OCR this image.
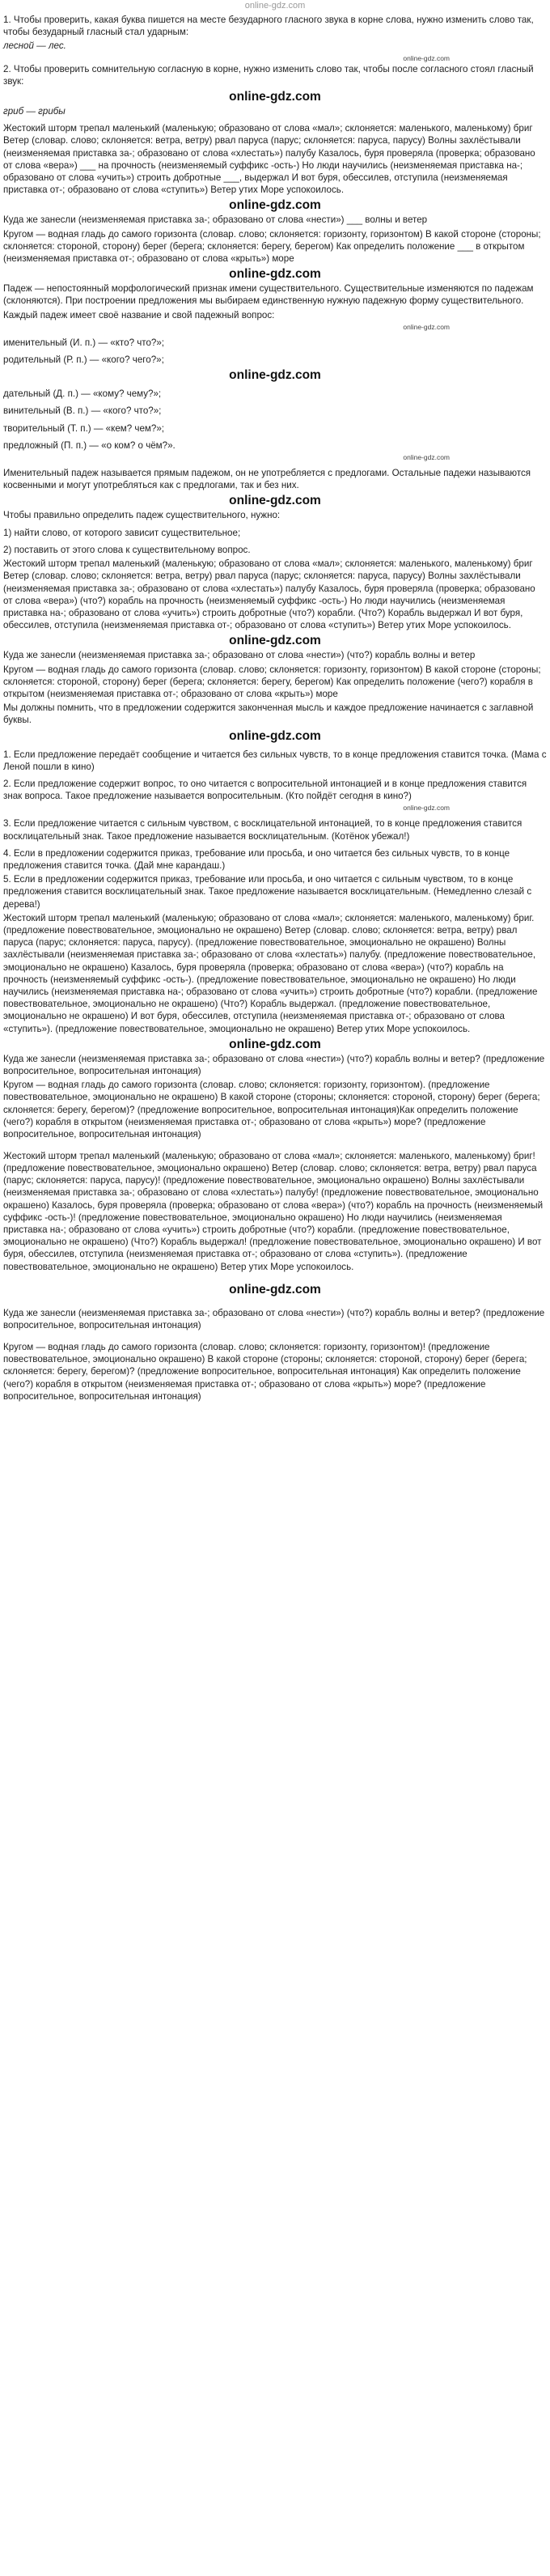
online-gdz.com

1. Чтобы проверить, какая буква пишется на месте безударного гласного звука в корне слова, нужно изменить слово так, чтобы безударный гласный стал ударным:

лесной — лес.

online-gdz.com

2. Чтобы проверить сомнительную согласную в корне, нужно изменить слово так, чтобы после согласного стоял гласный звук:

online-gdz.com

гриб — грибы

Жестокий шторм трепал маленький (маленькую; образовано от слова «мал»; склоняется: маленького, маленькому) бриг Ветер (словар. слово; склоняется: ветра, ветру) рвал паруса (парус; склоняется: паруса, парусу) Волны захлёстывали (неизменяемая приставка за-; образовано от слова «хлестать») палубу Казалось, буря проверяла (проверка; образовано от слова «вера») ___ на прочность (неизменяемый суффикс -ость-) Но люди научились (неизменяемая приставка на-; образовано от слова «учить») строить добротные ___, выдержал И вот буря, обессилев, отступила (неизменяемая приставка от-; образовано от слова «ступить») Ветер утих Море успокоилось.

online-gdz.com

Куда же занесли (неизменяемая приставка за-; образовано от слова «нести») ___ волны и ветер

Кругом — водная гладь до самого горизонта (словар. слово; склоняется: горизонту, горизонтом) В какой стороне (стороны; склоняется: стороной, сторону) берег (берега; склоняется: берегу, берегом) Как определить положение ___ в открытом (неизменяемая приставка от-; образовано от слова «крыть») море

online-gdz.com

Падеж — непостоянный морфологический признак имени существительного. Существительные изменяются по падежам (склоняются). При построении предложения мы выбираем единственную нужную падежную форму существительного.

Каждый падеж имеет своё название и свой падежный вопрос:

online-gdz.com

именительный (И. п.) — «кто? что?»;

родительный (Р. п.) — «кого? чего?»;

online-gdz.com

дательный (Д. п.) — «кому? чему?»;

винительный (В. п.) — «кого? что?»;

творительный (Т. п.) — «кем? чем?»;

предложный (П. п.) — «о ком? о чём?».

online-gdz.com

Именительный падеж называется прямым падежом, он не употребляется с предлогами. Остальные падежи называются косвенными и могут употребляться как с предлогами, так и без них.

online-gdz.com

Чтобы правильно определить падеж существительного, нужно:

1) найти слово, от которого зависит существительное;

2) поставить от этого слова к существительному вопрос.

Жестокий шторм трепал маленький (маленькую; образовано от слова «мал»; склоняется: маленького, маленькому) бриг Ветер (словар. слово; склоняется: ветра, ветру) рвал паруса (парус; склоняется: паруса, парусу) Волны захлёстывали (неизменяемая приставка за-; образовано от слова «хлестать») палубу Казалось, буря проверяла (проверка; образовано от слова «вера») (что?) корабль на прочность (неизменяемый суффикс -ость-) Но люди научились (неизменяемая приставка на-; образовано от слова «учить») строить добротные (что?) корабли. (Что?) Корабль выдержал И вот буря, обессилев, отступила (неизменяемая приставка от-; образовано от слова «ступить») Ветер утих Море успокоилось.

online-gdz.com

Куда же занесли (неизменяемая приставка за-; образовано от слова «нести») (что?) корабль волны и ветер

Кругом — водная гладь до самого горизонта (словар. слово; склоняется: горизонту, горизонтом) В какой стороне (стороны; склоняется: стороной, сторону) берег (берега; склоняется: берегу, берегом) Как определить положение (чего?) корабля в открытом (неизменяемая приставка от-; образовано от слова «крыть») море

Мы должны помнить, что в предложении содержится законченная мысль и каждое предложение начинается с заглавной буквы.

online-gdz.com

1. Если предложение передаёт сообщение и читается без сильных чувств, то в конце предложения ставится точка. (Мама с Леной пошли в кино)

2. Если предложение содержит вопрос, то оно читается с вопросительной интонацией и в конце предложения ставится знак вопроса. Такое предложение называется вопросительным. (Кто пойдёт сегодня в кино?)

online-gdz.com

3. Если предложение читается с сильным чувством, с восклицательной интонацией, то в конце предложения ставится восклицательный знак. Такое предложение называется восклицательным. (Котёнок убежал!)

4. Если в предложении содержится приказ, требование или просьба, и оно читается без сильных чувств, то в конце предложения ставится точка. (Дай мне карандаш.)

5. Если в предложении содержится приказ, требование или просьба, и оно читается с сильным чувством, то в конце предложения ставится восклицательный знак. Такое предложение называется восклицательным. (Немедленно слезай с дерева!)

Жестокий шторм трепал маленький (маленькую; образовано от слова «мал»; склоняется: маленького, маленькому) бриг. (предложение повествовательное, эмоционально не окрашено) Ветер (словар. слово; склоняется: ветра, ветру) рвал паруса (парус; склоняется: паруса, парусу). (предложение повествовательное, эмоционально не окрашено) Волны захлёстывали (неизменяемая приставка за-; образовано от слова «хлестать») палубу. (предложение повествовательное, эмоционально не окрашено) Казалось, буря проверяла (проверка; образовано от слова «вера») (что?) корабль на прочность (неизменяемый суффикс -ость-). (предложение повествовательное, эмоционально не окрашено) Но люди научились (неизменяемая приставка на-; образовано от слова «учить») строить добротные (что?) корабли. (предложение повествовательное, эмоционально не окрашено) (Что?) Корабль выдержал. (предложение повествовательное, эмоционально не окрашено) И вот буря, обессилев, отступила (неизменяемая приставка от-; образовано от слова «ступить»). (предложение повествовательное, эмоционально не окрашено) Ветер утих Море успокоилось.

online-gdz.com

Куда же занесли (неизменяемая приставка за-; образовано от слова «нести») (что?) корабль волны и ветер? (предложение вопросительное, вопросительная интонация)

Кругом — водная гладь до самого горизонта (словар. слово; склоняется: горизонту, горизонтом). (предложение повествовательное, эмоционально не окрашено) В какой стороне (стороны; склоняется: стороной, сторону) берег (берега; склоняется: берегу, берегом)? (предложение вопросительное, вопросительная интонация)Как определить положение (чего?) корабля в открытом (неизменяемая приставка от-; образовано от слова «крыть») море? (предложение вопросительное, вопросительная интонация)

Жестокий шторм трепал маленький (маленькую; образовано от слова «мал»; склоняется: маленького, маленькому) бриг! (предложение повествовательное, эмоционально окрашено) Ветер (словар. слово; склоняется: ветра, ветру) рвал паруса (парус; склоняется: паруса, парусу)! (предложение повествовательное, эмоционально окрашено) Волны захлёстывали (неизменяемая приставка за-; образовано от слова «хлестать») палубу! (предложение повествовательное, эмоционально окрашено) Казалось, буря проверяла (проверка; образовано от слова «вера») (что?) корабль на прочность (неизменяемый суффикс -ость-)! (предложение повествовательное, эмоционально окрашено) Но люди научились (неизменяемая приставка на-; образовано от слова «учить») строить добротные (что?) корабли. (предложение повествовательное, эмоционально не окрашено) (Что?) Корабль выдержал! (предложение повествовательное, эмоционально окрашено) И вот буря, обессилев, отступила (неизменяемая приставка от-; образовано от слова «ступить»). (предложение повествовательное, эмоционально не окрашено) Ветер утих Море успокоилось.

online-gdz.com

Куда же занесли (неизменяемая приставка за-; образовано от слова «нести») (что?) корабль волны и ветер? (предложение вопросительное, вопросительная интонация)

Кругом — водная гладь до самого горизонта (словар. слово; склоняется: горизонту, горизонтом)! (предложение повествовательное, эмоционально окрашено) В какой стороне (стороны; склоняется: стороной, сторону) берег (берега; склоняется: берегу, берегом)? (предложение вопросительное, вопросительная интонация) Как определить положение (чего?) корабля в открытом (неизменяемая приставка от-; образовано от слова «крыть») море? (предложение вопросительное, вопросительная интонация)
